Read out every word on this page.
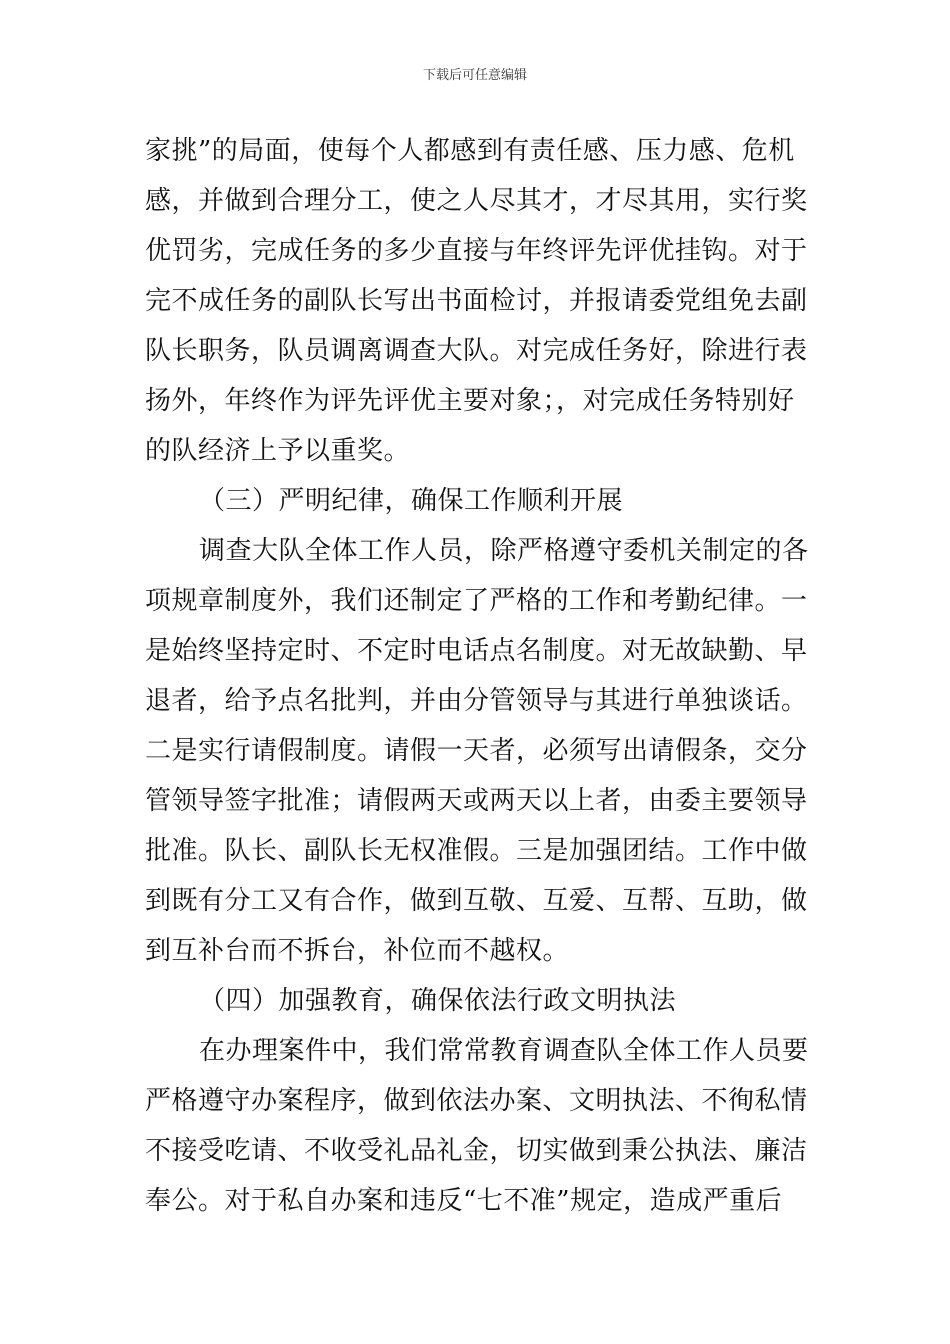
下载后可任意编辑
家挑”的局面，使每个人都感到有责任感、压力感、危机
感，并做到合理分工，使之人尽其才，才尽其用，实行奖
优罚劣，完成任务的多少直接与年终评先评优挂钩。对于
完不成任务的副队长写出书面检讨，并报请委党组免去副
队长职务，队员调离调查大队。对完成任务好，除进行表
扬外，年终作为评先评优主要对象；，对完成任务特别好
的队经济上予以重奖。
（三）严明纪律，确保工作顺利开展
调查大队全体工作人员，除严格遵守委机关制定的各
项规章制度外，我们还制定了严格的工作和考勤纪律。一
是始终坚持定时、不定时电话点名制度。对无故缺勤、早
退者，给予点名批判，并由分管领导与其进行单独谈话。
二是实行请假制度。请假一天者，必须写出请假条，交分
管领导签字批准；请假两天或两天以上者，由委主要领导
批准。队长、副队长无权准假。三是加强团结。工作中做
到既有分工又有合作，做到互敬、互爱、互帮、互助，做
到互补台而不拆台，补位而不越权。
（四）加强教育，确保依法行政文明执法
在办理案件中，我们常常教育调查队全体工作人员要
严格遵守办案程序，做到依法办案、文明执法、不徇私情
不接受吃请、不收受礼品礼金，切实做到秉公执法、廉洁
奉公。对于私自办案和违反“七不准”规定，造成严重后
